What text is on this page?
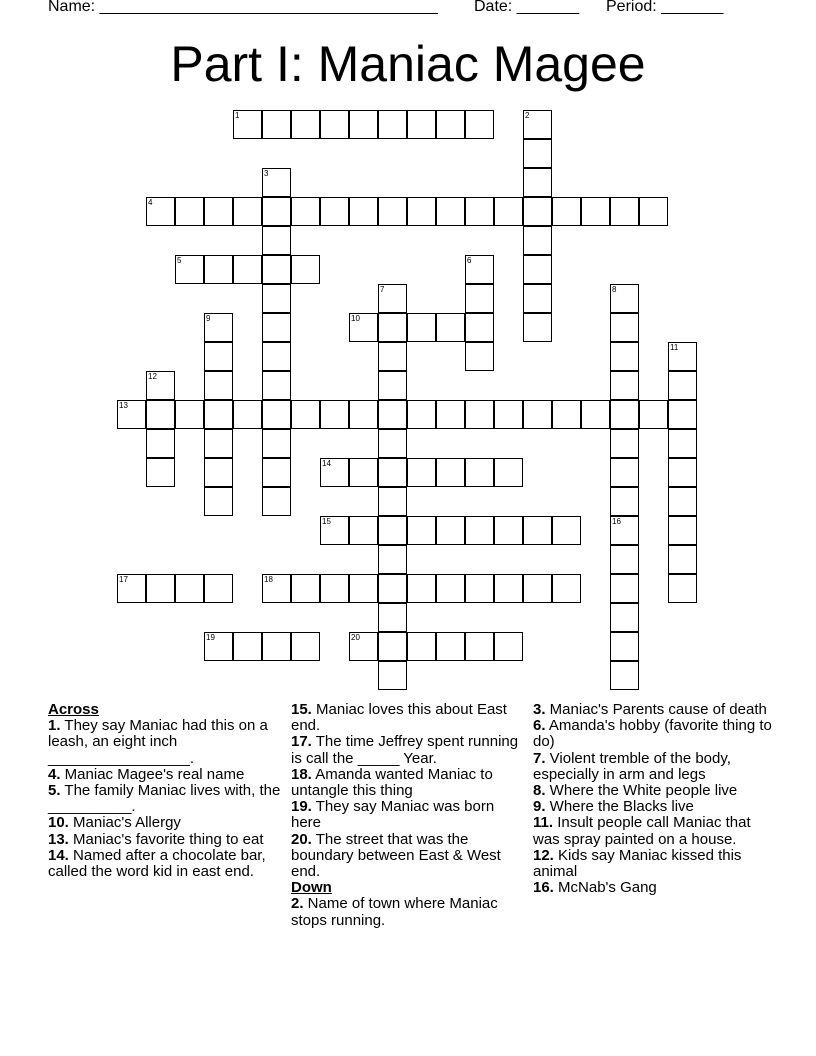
Name: ______________________________________ Date: _______ Period: _______
Part I: Maniac Magee
1	2
3
4
5	6
7	8
9	10
11
12
13
14
15	16
17	18
19	20
Across
1. They say Maniac had this on a leash, an eight inch _________________.
4. Maniac Magee's real name
5. The family Maniac lives with, the __________.
10. Maniac's Allergy
13. Maniac's favorite thing to eat
14. Named after a chocolate bar, called the word kid in east end.
15. Maniac loves this about East end.
17. The time Jeffrey spent running is call the _____ Year.
18. Amanda wanted Maniac to untangle this thing
19. They say Maniac was born here
20. The street that was the boundary between East & West end.
Down
2. Name of town where Maniac stops running.
3. Maniac's Parents cause of death
6. Amanda's hobby (favorite thing to do)
7. Violent tremble of the body, especially in arm and legs
8. Where the White people live
9. Where the Blacks live
11. Insult people call Maniac that was spray painted on a house.
12. Kids say Maniac kissed this animal
16. McNab's Gang
